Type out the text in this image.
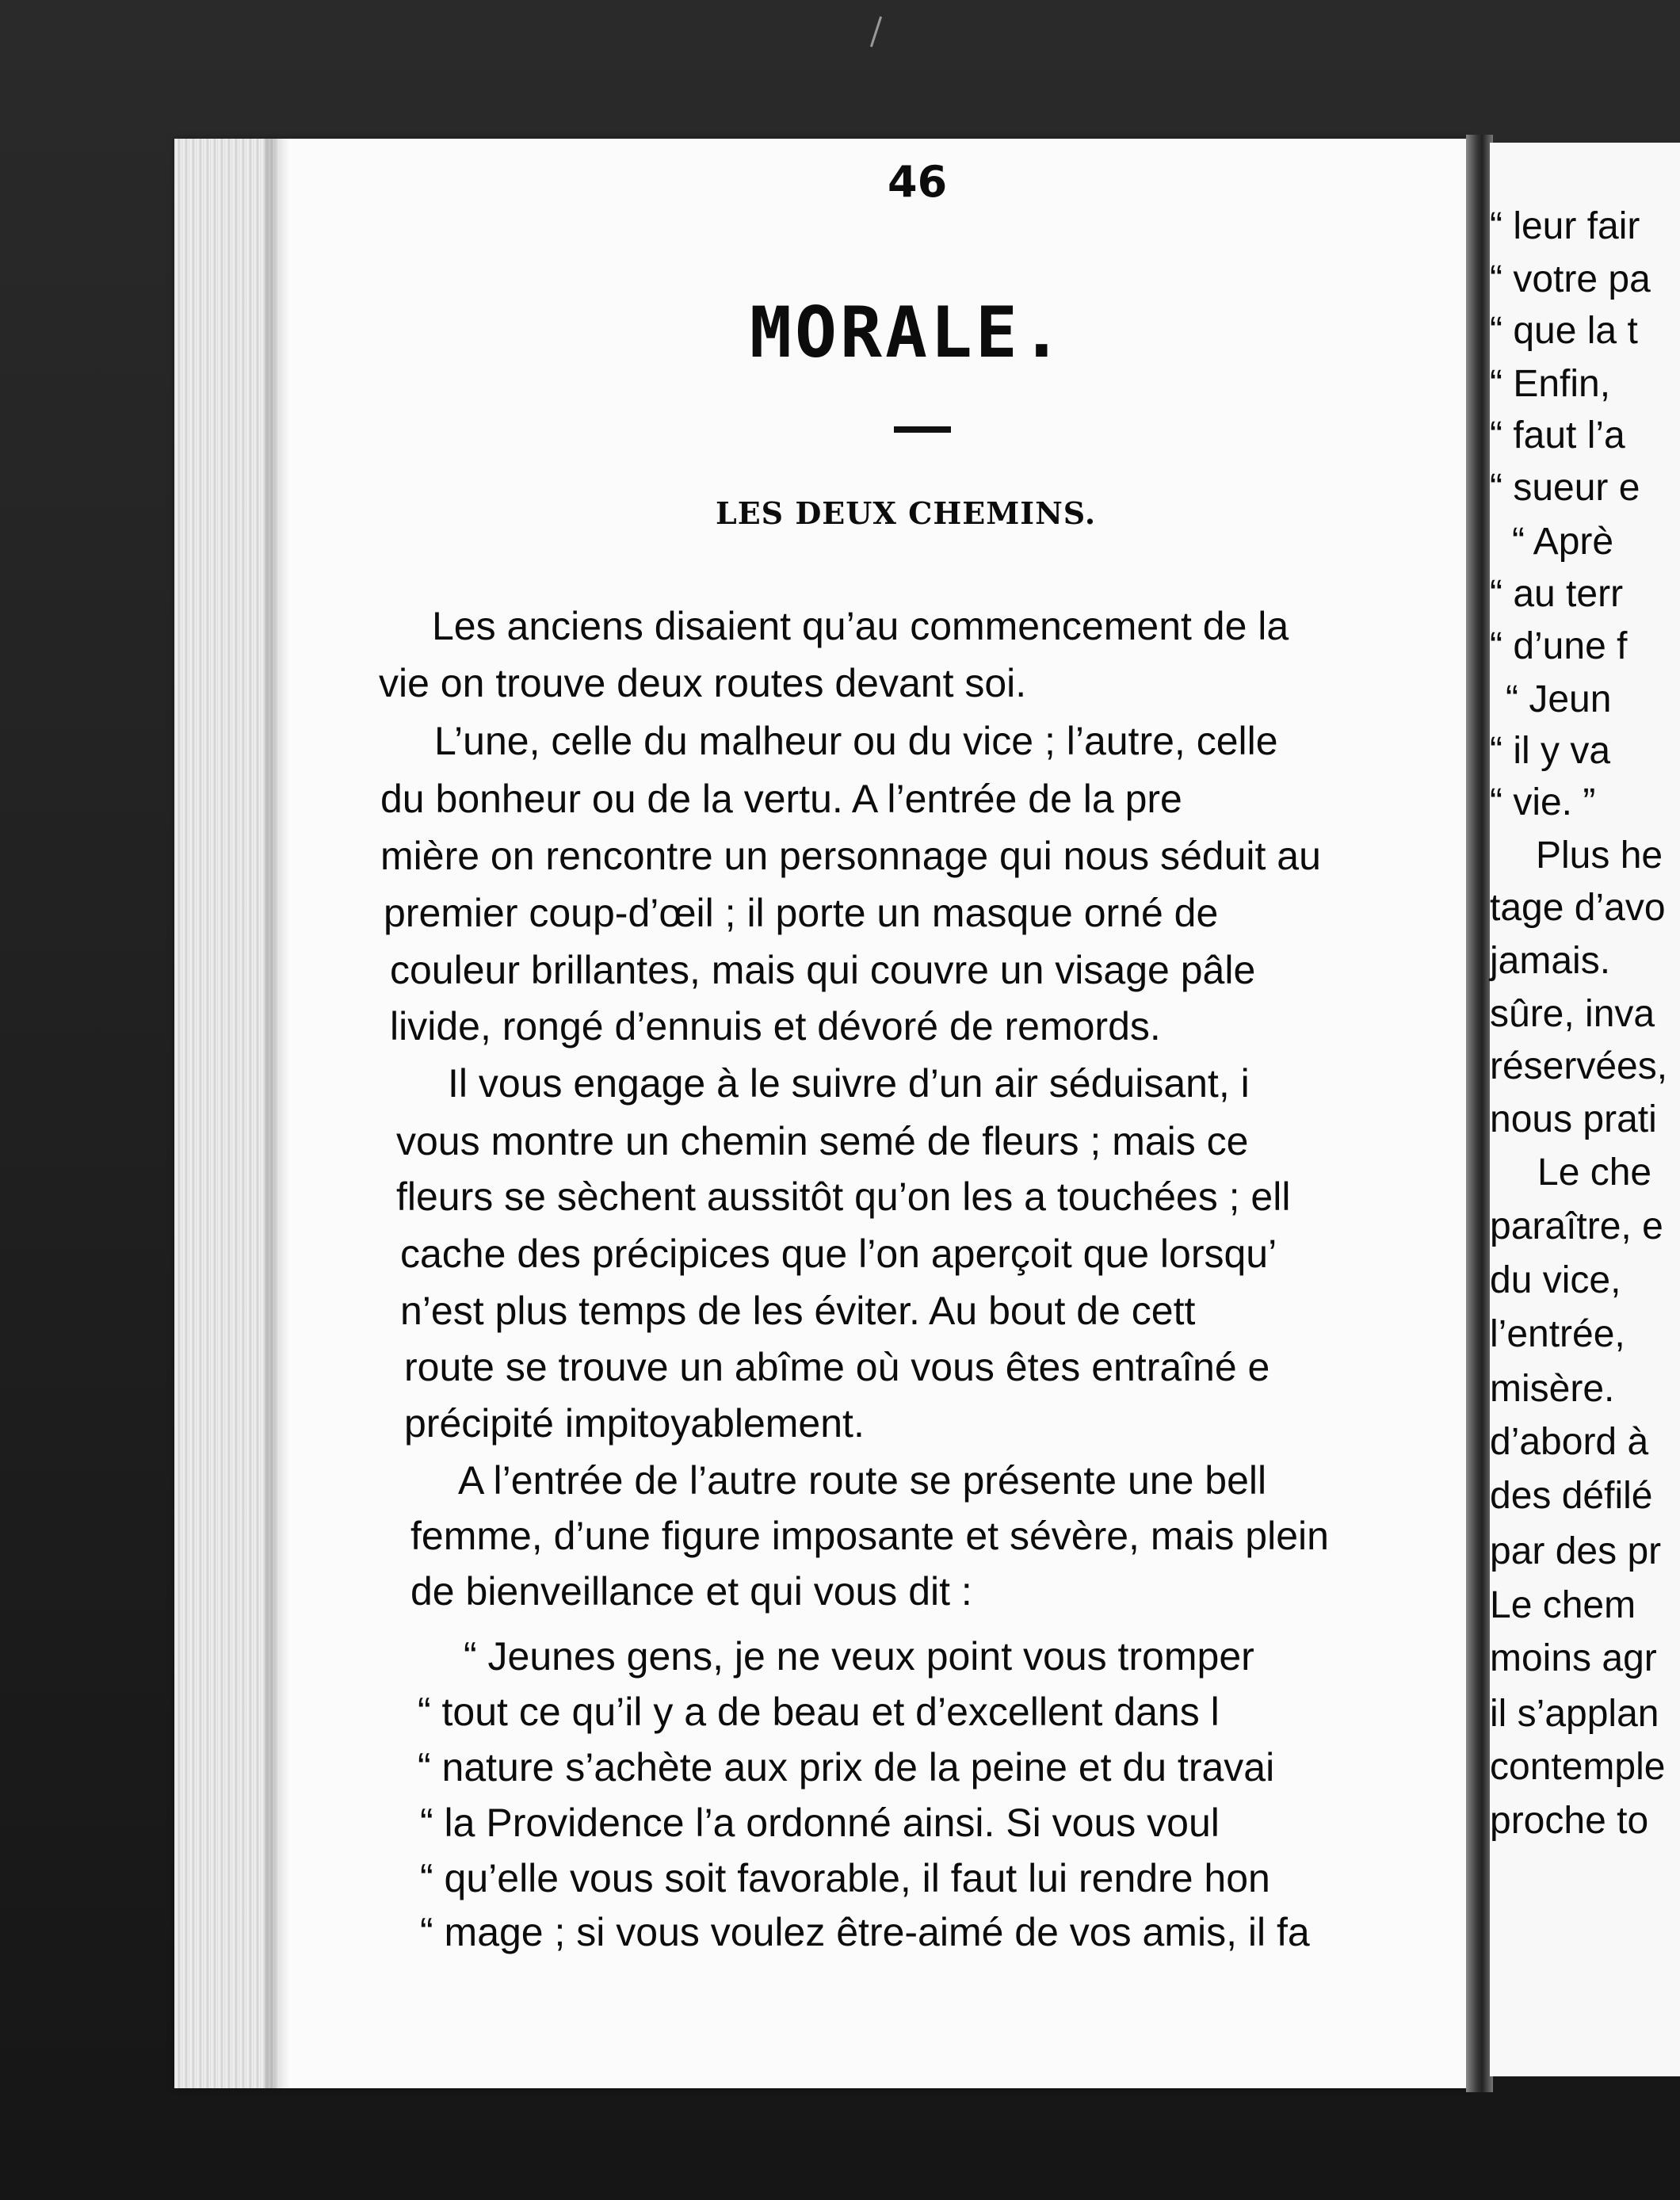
46
MORALE.
LES DEUX CHEMINS.
Les anciens disaient qu’au commencement de la
vie on trouve deux routes devant soi.
L’une, celle du malheur ou du vice ; l’autre, celle
du bonheur ou de la vertu. A l’entrée de la pre
mière on rencontre un personnage qui nous séduit au
premier coup-d’œil ; il porte un masque orné de
couleur brillantes, mais qui couvre un visage pâle
livide, rongé d’ennuis et dévoré de remords.
Il vous engage à le suivre d’un air séduisant, i
vous montre un chemin semé de fleurs ; mais ce
fleurs se sèchent aussitôt qu’on les a touchées ; ell
cache des précipices que l’on aperçoit que lorsqu’
n’est plus temps de les éviter. Au bout de cett
route se trouve un abîme où vous êtes entraîné e
précipité impitoyablement.
A l’entrée de l’autre route se présente une bell
femme, d’une figure imposante et sévère, mais plein
de bienveillance et qui vous dit :
“ Jeunes gens, je ne veux point vous tromper
“ tout ce qu’il y a de beau et d’excellent dans l
“ nature s’achète aux prix de la peine et du travai
“ la Providence l’a ordonné ainsi. Si vous voul
“ qu’elle vous soit favorable, il faut lui rendre hon
“ mage ; si vous voulez être-aimé de vos amis, il fa
“ leur fair
“ votre pa
“ que la t
“ Enfin,
“ faut l’a
“ sueur e
“ Aprè
“ au terr
“ d’une f
“ Jeun
“ il y va
“ vie. ”
Plus he
tage d’avo
jamais.
sûre, inva
réservées,
nous prati
Le che
paraître, e
du vice,
l’entrée,
misère.
d’abord à
des défilé
par des pr
Le chem
moins agr
il s’applan
contemple
proche to
